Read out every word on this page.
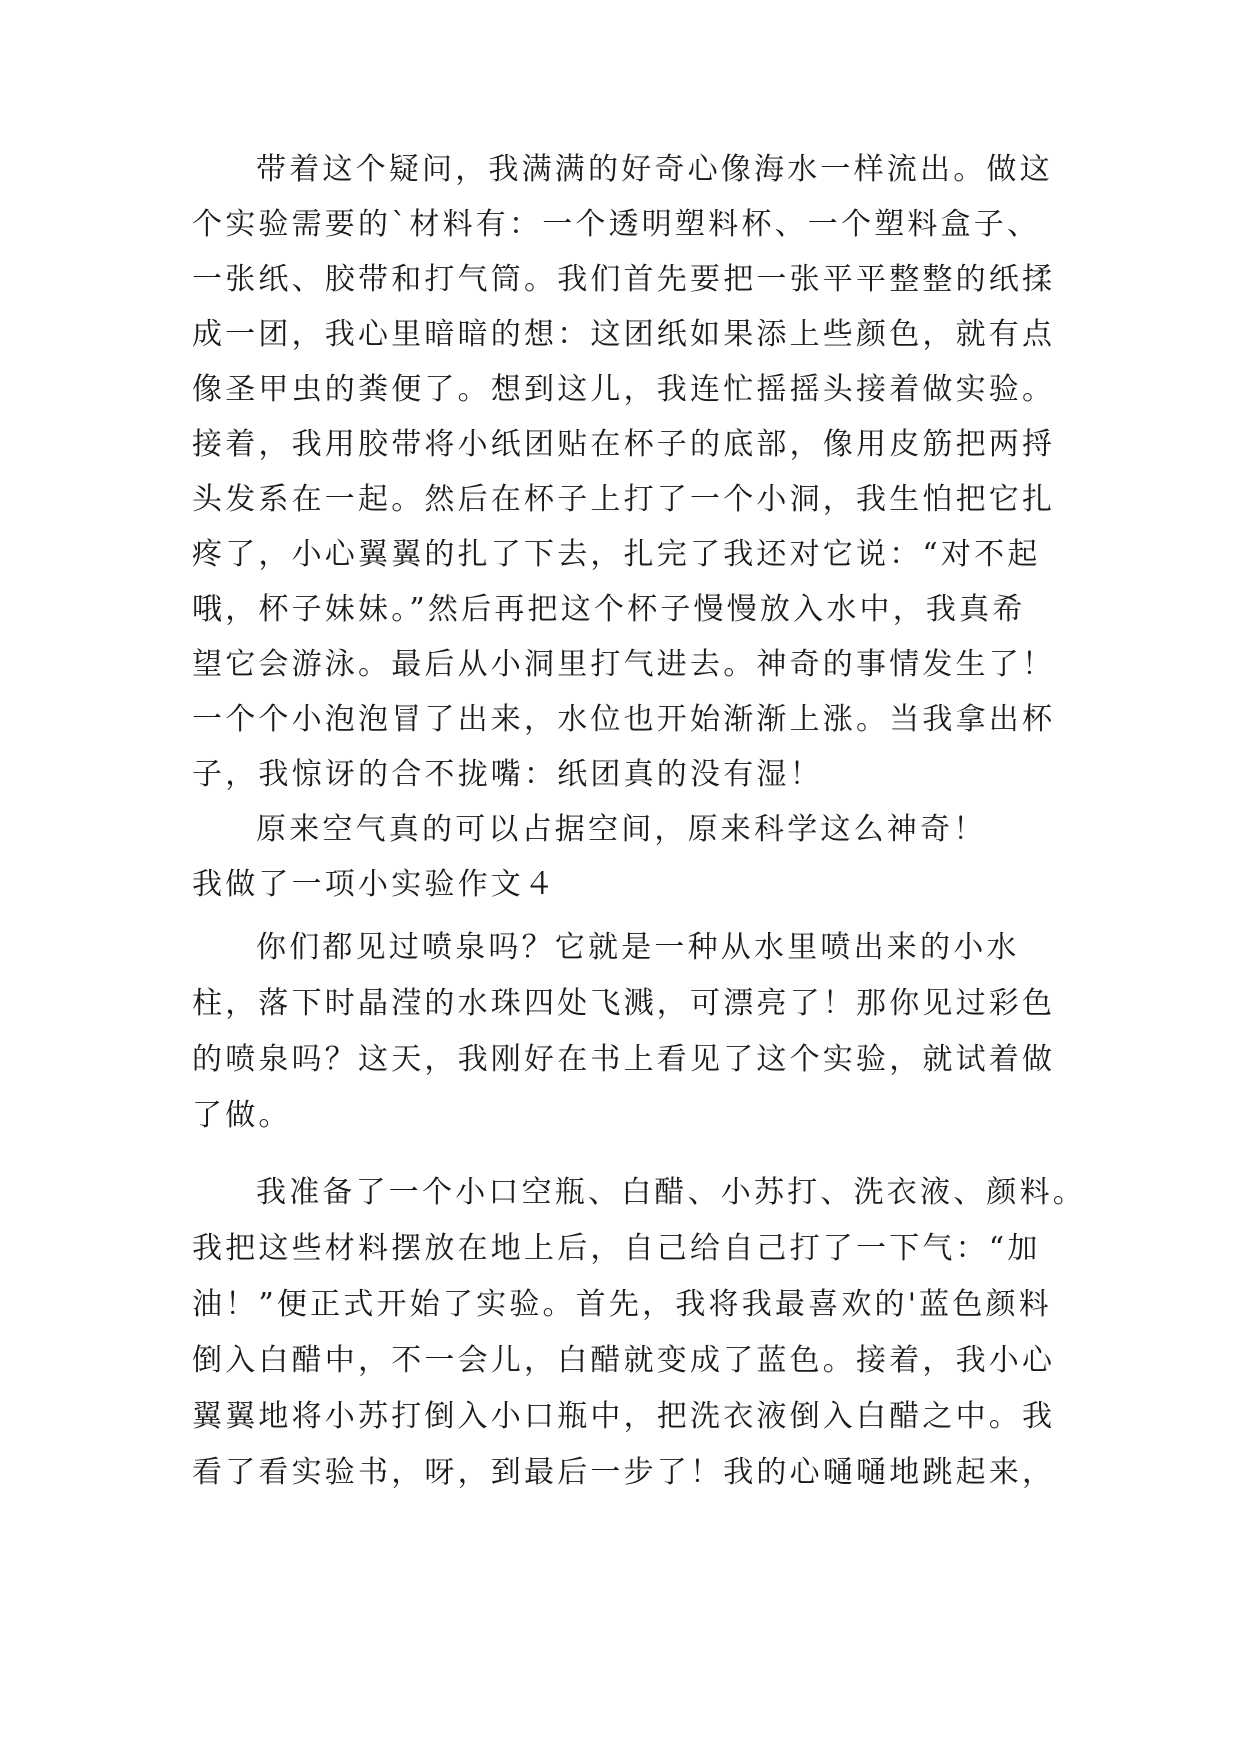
带着这个疑问，我满满的好奇心像海水一样流出。做这
个实验需要的`材料有：一个透明塑料杯、一个塑料盒子、
一张纸、胶带和打气筒。我们首先要把一张平平整整的纸揉
成一团，我心里暗暗的想：这团纸如果添上些颜色，就有点
像圣甲虫的粪便了。想到这儿，我连忙摇摇头接着做实验。
接着，我用胶带将小纸团贴在杯子的底部，像用皮筋把两捋
头发系在一起。然后在杯子上打了一个小洞，我生怕把它扎
疼了，小心翼翼的扎了下去，扎完了我还对它说：“对不起
哦，杯子妹妹。”然后再把这个杯子慢慢放入水中，我真希
望它会游泳。最后从小洞里打气进去。神奇的事情发生了！
一个个小泡泡冒了出来，水位也开始渐渐上涨。当我拿出杯
子，我惊讶的合不拢嘴：纸团真的没有湿！
原来空气真的可以占据空间，原来科学这么神奇！
我做了一项小实验作文４
你们都见过喷泉吗？它就是一种从水里喷出来的小水
柱，落下时晶滢的水珠四处飞溅，可漂亮了！那你见过彩色
的喷泉吗？这天，我刚好在书上看见了这个实验，就试着做
了做。
我准备了一个小口空瓶、白醋、小苏打、洗衣液、颜料。
我把这些材料摆放在地上后，自己给自己打了一下气：“加
油！”便正式开始了实验。首先，我将我最喜欢的'蓝色颜料
倒入白醋中，不一会儿，白醋就变成了蓝色。接着，我小心
翼翼地将小苏打倒入小口瓶中，把洗衣液倒入白醋之中。我
看了看实验书，呀，到最后一步了！我的心嗵嗵地跳起来，
